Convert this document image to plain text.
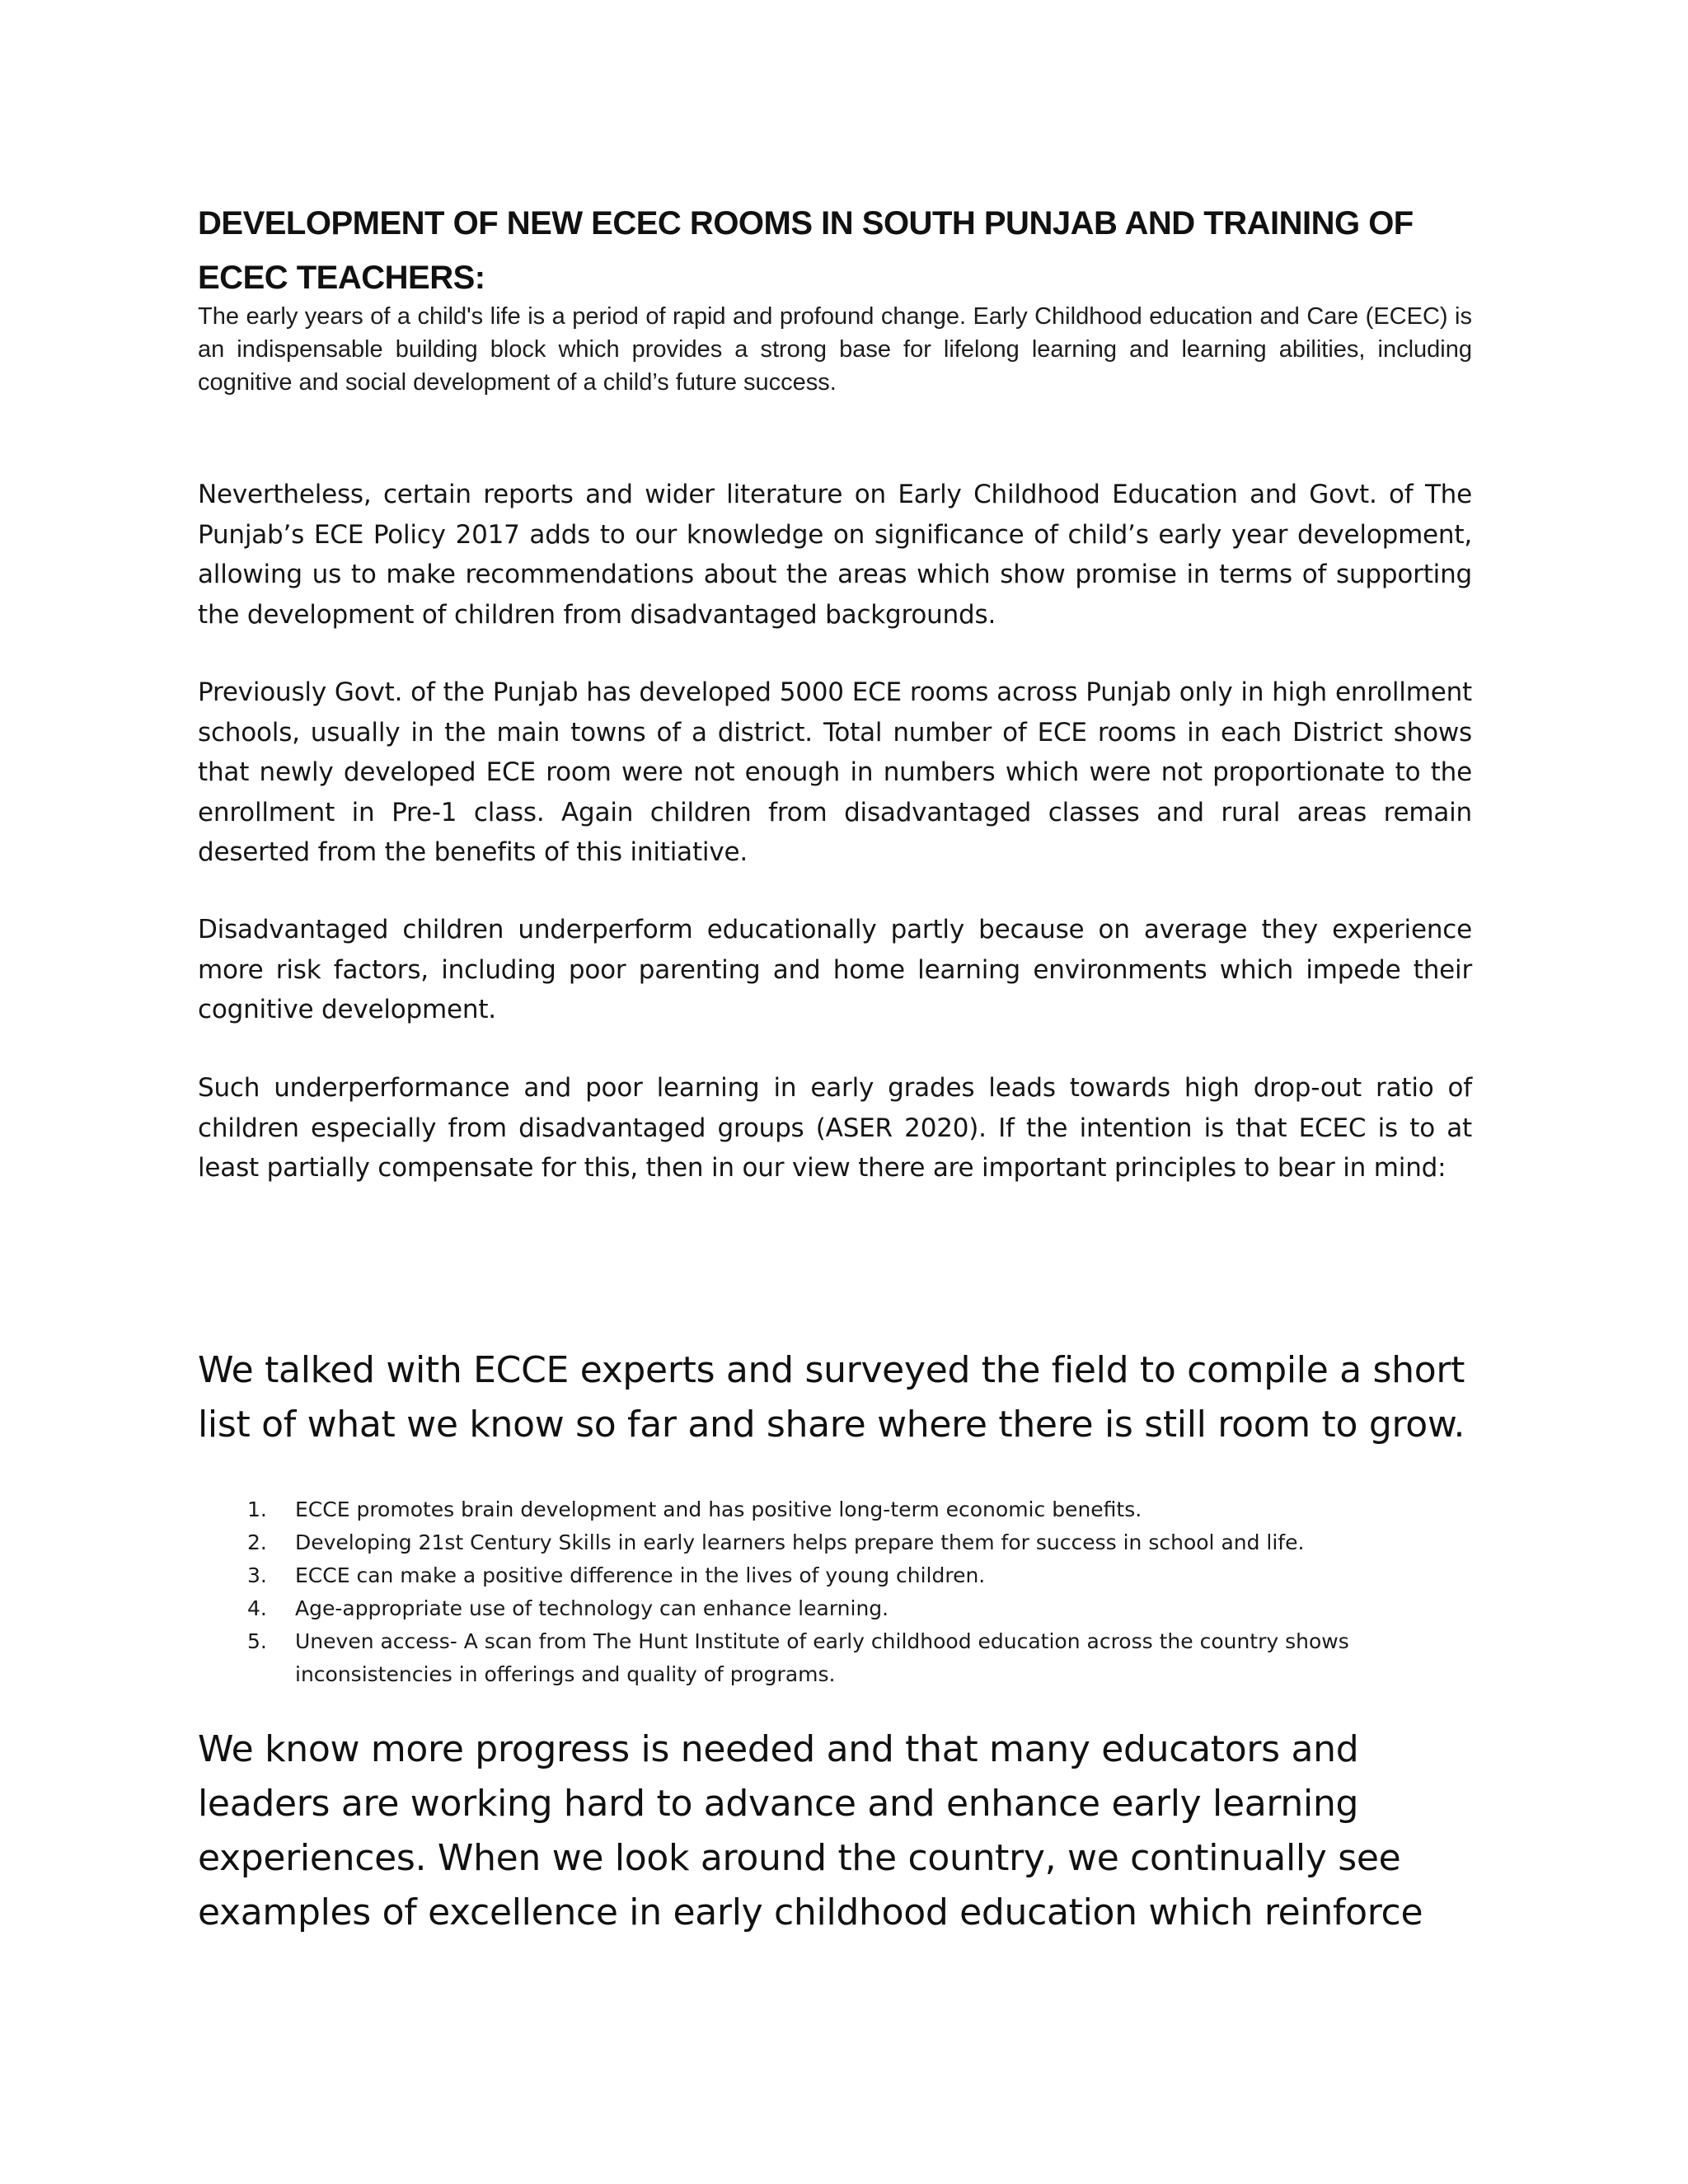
DEVELOPMENT OF NEW ECEC ROOMS IN SOUTH PUNJAB AND TRAINING OF ECEC TEACHERS:

The early years of a child's life is a period of rapid and profound change. Early Childhood education and Care (ECEC) is an indispensable building block which provides a strong base for lifelong learning and learning abilities, including cognitive and social development of a child’s future success.

Nevertheless, certain reports and wider literature on Early Childhood Education and Govt. of The Punjab’s ECE Policy 2017 adds to our knowledge on significance of child’s early year development, allowing us to make recommendations about the areas which show promise in terms of supporting the development of children from disadvantaged backgrounds.

Previously Govt. of the Punjab has developed 5000 ECE rooms across Punjab only in high enrollment schools, usually in the main towns of a district. Total number of ECE rooms in each District shows that newly developed ECE room were not enough in numbers which were not proportionate to the enrollment in Pre-1 class. Again children from disadvantaged classes and rural areas remain deserted from the benefits of this initiative.

Disadvantaged children underperform educationally partly because on average they experience more risk factors, including poor parenting and home learning environments which impede their cognitive development.

Such underperformance and poor learning in early grades leads towards high drop-out ratio of children especially from disadvantaged groups (ASER 2020). If the intention is that ECEC is to at least partially compensate for this, then in our view there are important principles to bear in mind:

We talked with ECCE experts and surveyed the field to compile a short list of what we know so far and share where there is still room to grow.

1. ECCE promotes brain development and has positive long-term economic benefits.
2. Developing 21st Century Skills in early learners helps prepare them for success in school and life.
3. ECCE can make a positive difference in the lives of young children.
4. Age-appropriate use of technology can enhance learning.
5. Uneven access- A scan from The Hunt Institute of early childhood education across the country shows inconsistencies in offerings and quality of programs.

We know more progress is needed and that many educators and leaders are working hard to advance and enhance early learning experiences. When we look around the country, we continually see examples of excellence in early childhood education which reinforce
